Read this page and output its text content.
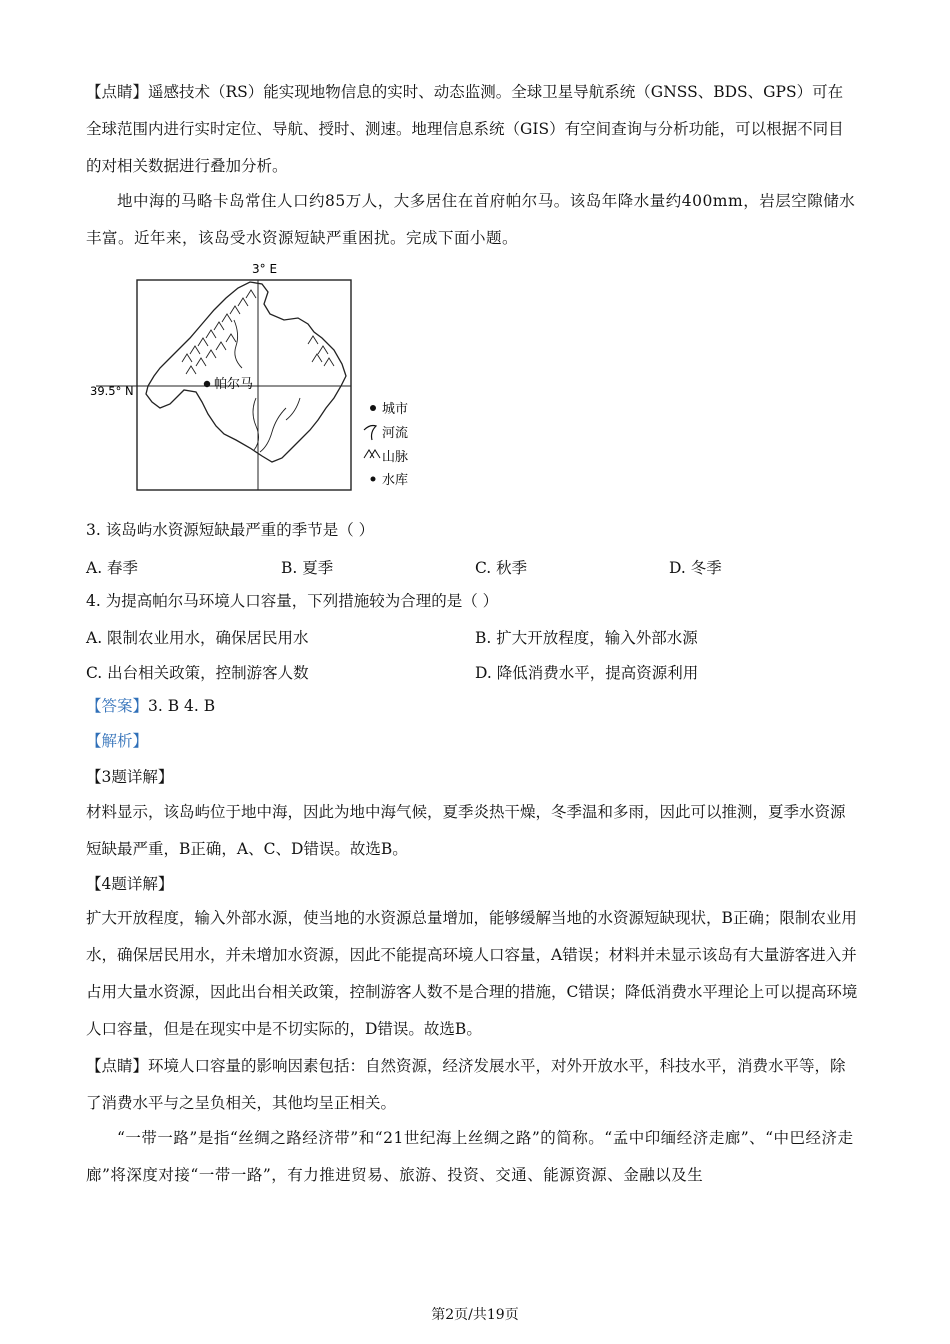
【点睛】遥感技术（RS）能实现地物信息的实时、动态监测。全球卫星导航系统（GNSS、BDS、GPS）可在全球范围内进行实时定位、导航、授时、测速。地理信息系统（GIS）有空间查询与分析功能，可以根据不同目的对相关数据进行叠加分析。

地中海的马略卡岛常住人口约85万人，大多居住在首府帕尔马。该岛年降水量约400mm，岩层空隙储水丰富。近年来，该岛受水资源短缺严重困扰。完成下面小题。

3° E
39.5° N	帕尔马
城市
河流
山脉
水库

3. 该岛屿水资源短缺最严重的季节是（ ）

A. 春季	B. 夏季	C. 秋季	D. 冬季

4. 为提高帕尔马环境人口容量，下列措施较为合理的是（ ）

A. 限制农业用水，确保居民用水	B. 扩大开放程度，输入外部水源
C. 出台相关政策，控制游客人数	D. 降低消费水平，提高资源利用

【答案】3. B 4. B

【解析】

【3题详解】

材料显示，该岛屿位于地中海，因此为地中海气候，夏季炎热干燥，冬季温和多雨，因此可以推测，夏季水资源短缺最严重，B正确，A、C、D错误。故选B。

【4题详解】

扩大开放程度，输入外部水源，使当地的水资源总量增加，能够缓解当地的水资源短缺现状，B正确；限制农业用水，确保居民用水，并未增加水资源，因此不能提高环境人口容量，A错误；材料并未显示该岛有大量游客进入并占用大量水资源，因此出台相关政策，控制游客人数不是合理的措施，C错误；降低消费水平理论上可以提高环境人口容量，但是在现实中是不切实际的，D错误。故选B。

【点睛】环境人口容量的影响因素包括：自然资源，经济发展水平，对外开放水平，科技水平，消费水平等，除了消费水平与之呈负相关，其他均呈正相关。

“一带一路”是指“丝绸之路经济带”和“21世纪海上丝绸之路”的简称。“孟中印缅经济走廊”、“中巴经济走廊”将深度对接“一带一路”，有力推进贸易、旅游、投资、交通、能源资源、金融以及生

第2页/共19页
